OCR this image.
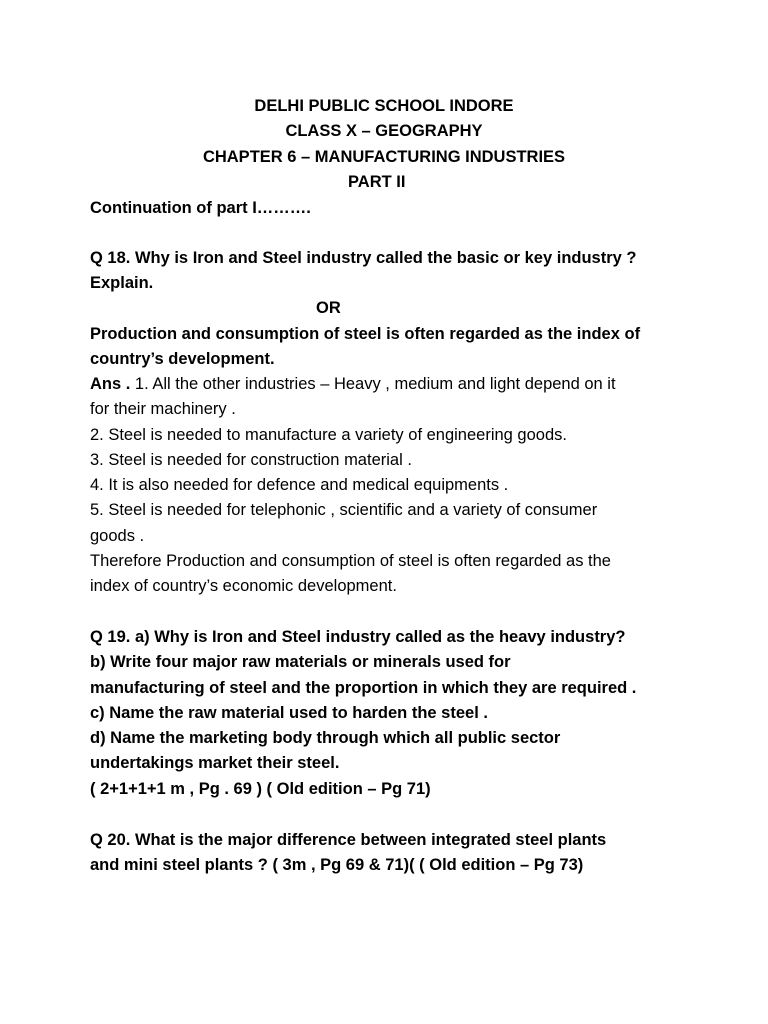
DELHI PUBLIC SCHOOL INDORE
CLASS X – GEOGRAPHY
CHAPTER 6 – MANUFACTURING INDUSTRIES
PART II
Continuation of part I……….
Q 18. Why is Iron and Steel industry called the basic or key industry ?
Explain.
OR
Production and consumption of steel is often regarded as the index of
country’s development.
Ans . 1. All the other industries – Heavy , medium and light depend on it
for their machinery .
2. Steel is needed to manufacture a variety of engineering goods.
3. Steel is needed for construction material .
4. It is also needed for defence and medical equipments .
5. Steel is needed for telephonic , scientific and a variety of consumer
goods .
Therefore Production and consumption of steel is often regarded as the
index of country’s economic development.
Q 19. a) Why is Iron and Steel industry called as the heavy industry?
b) Write four major raw materials or minerals used for
manufacturing of steel and the proportion in which they are required .
c) Name the raw material used to harden the steel .
d) Name the marketing body through which all public sector
undertakings market their steel.
( 2+1+1+1 m , Pg . 69 ) ( Old edition – Pg 71)
Q 20. What is the major difference between integrated steel plants
and mini steel plants ? ( 3m , Pg 69 & 71)( ( Old edition – Pg 73)
